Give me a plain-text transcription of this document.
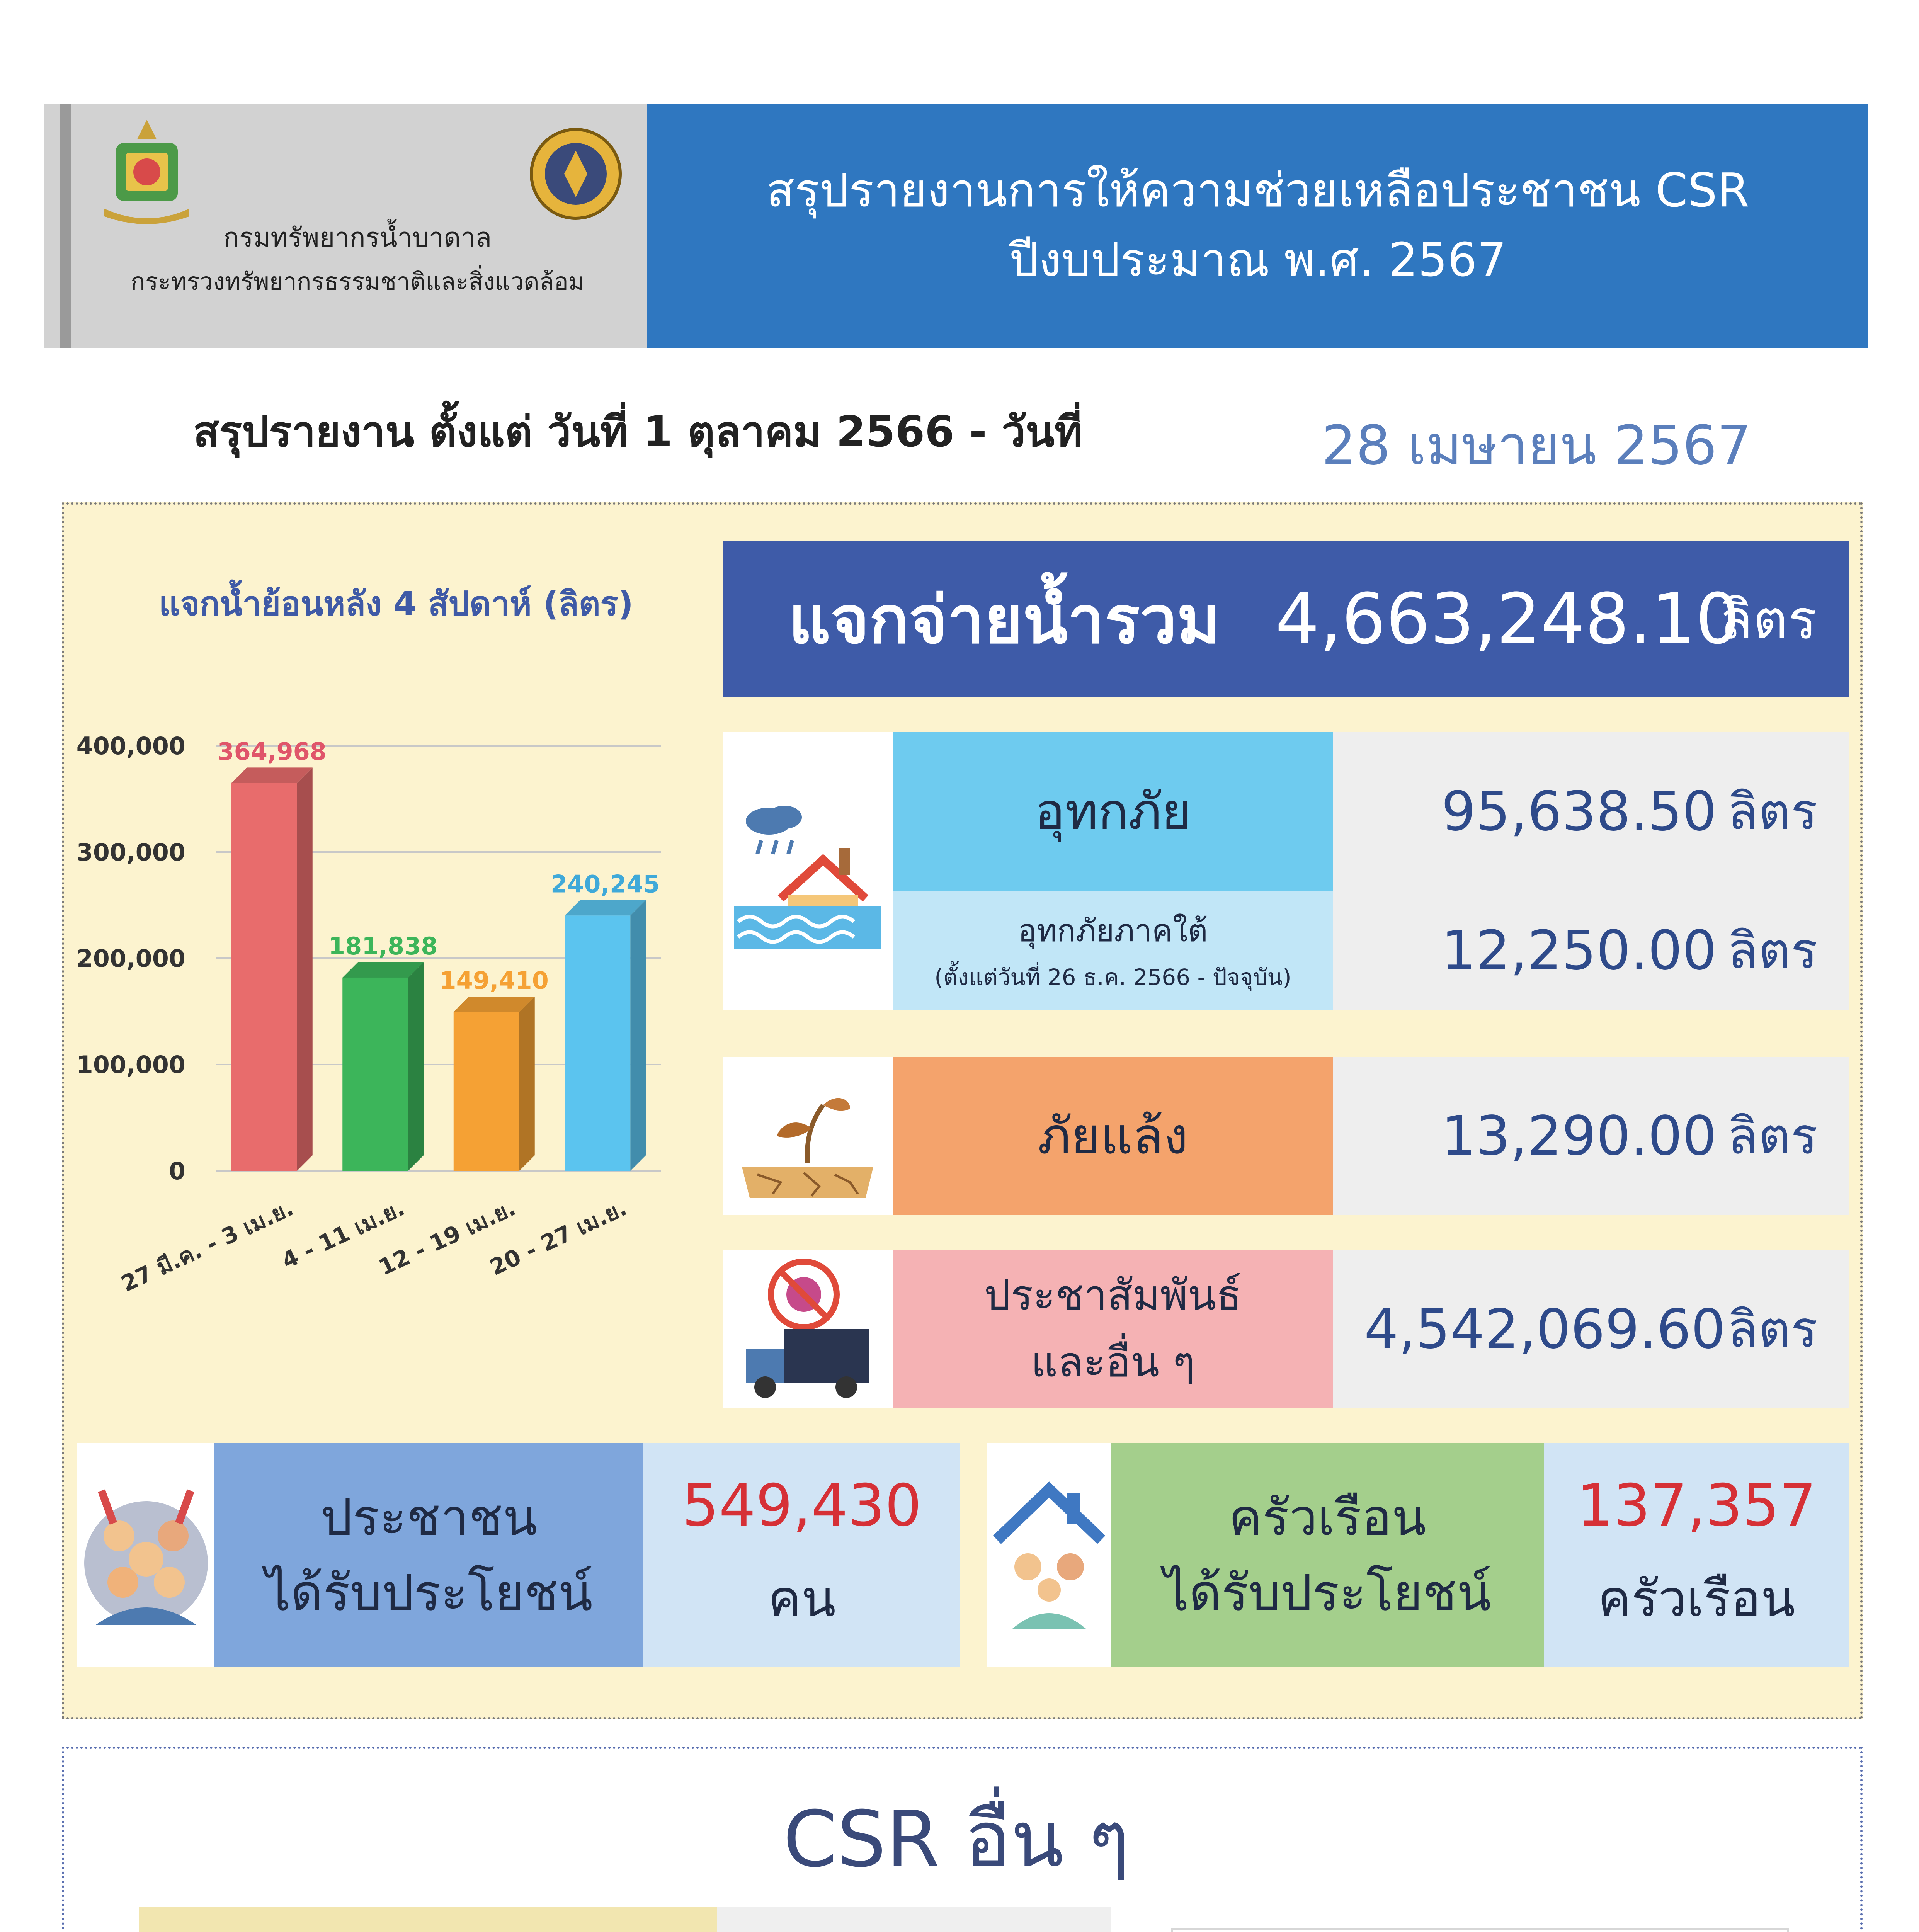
กรมทรัพยากรน้ำบาดาล
กระทรวงทรัพยากรธรรมชาติและสิ่งแวดล้อม
สรุปรายงานการให้ความช่วยเหลือประชาชน CSR
ปีงบประมาณ พ.ศ. 2567
สรุปรายงาน ตั้งแต่ วันที่ 1 ตุลาคม 2566 - วันที่	28 เมษายน 2567
แจกน้ำย้อนหลัง 4 สัปดาห์ (ลิตร)
0
100,000
200,000
300,000
400,000 364,968
27 มี.ค. - 3 เม.ย.
181,838
4 - 11 เม.ย.
149,410
12 - 19 เม.ย.
240,245
20 - 27 เม.ย.
แจกจ่ายน้ำรวม 4,663,248.10
ลิตร
อุทกภัย	95,638.50 ลิตร
อุทกภัยภาคใต้
(ตั้งแต่วันที่ 26 ธ.ค. 2566 - ปัจจุบัน)	12,250.00 ลิตร
ภัยแล้ง	13,290.00 ลิตร
ประชาสัมพันธ์
และอื่น ๆ
4,542,069.60 ลิตร
ประชาชน
ได้รับประโยชน์
549,430
คน
ครัวเรือน
ได้รับประโยชน์
137,357
ครัวเรือน
CSR อื่น ๆ
